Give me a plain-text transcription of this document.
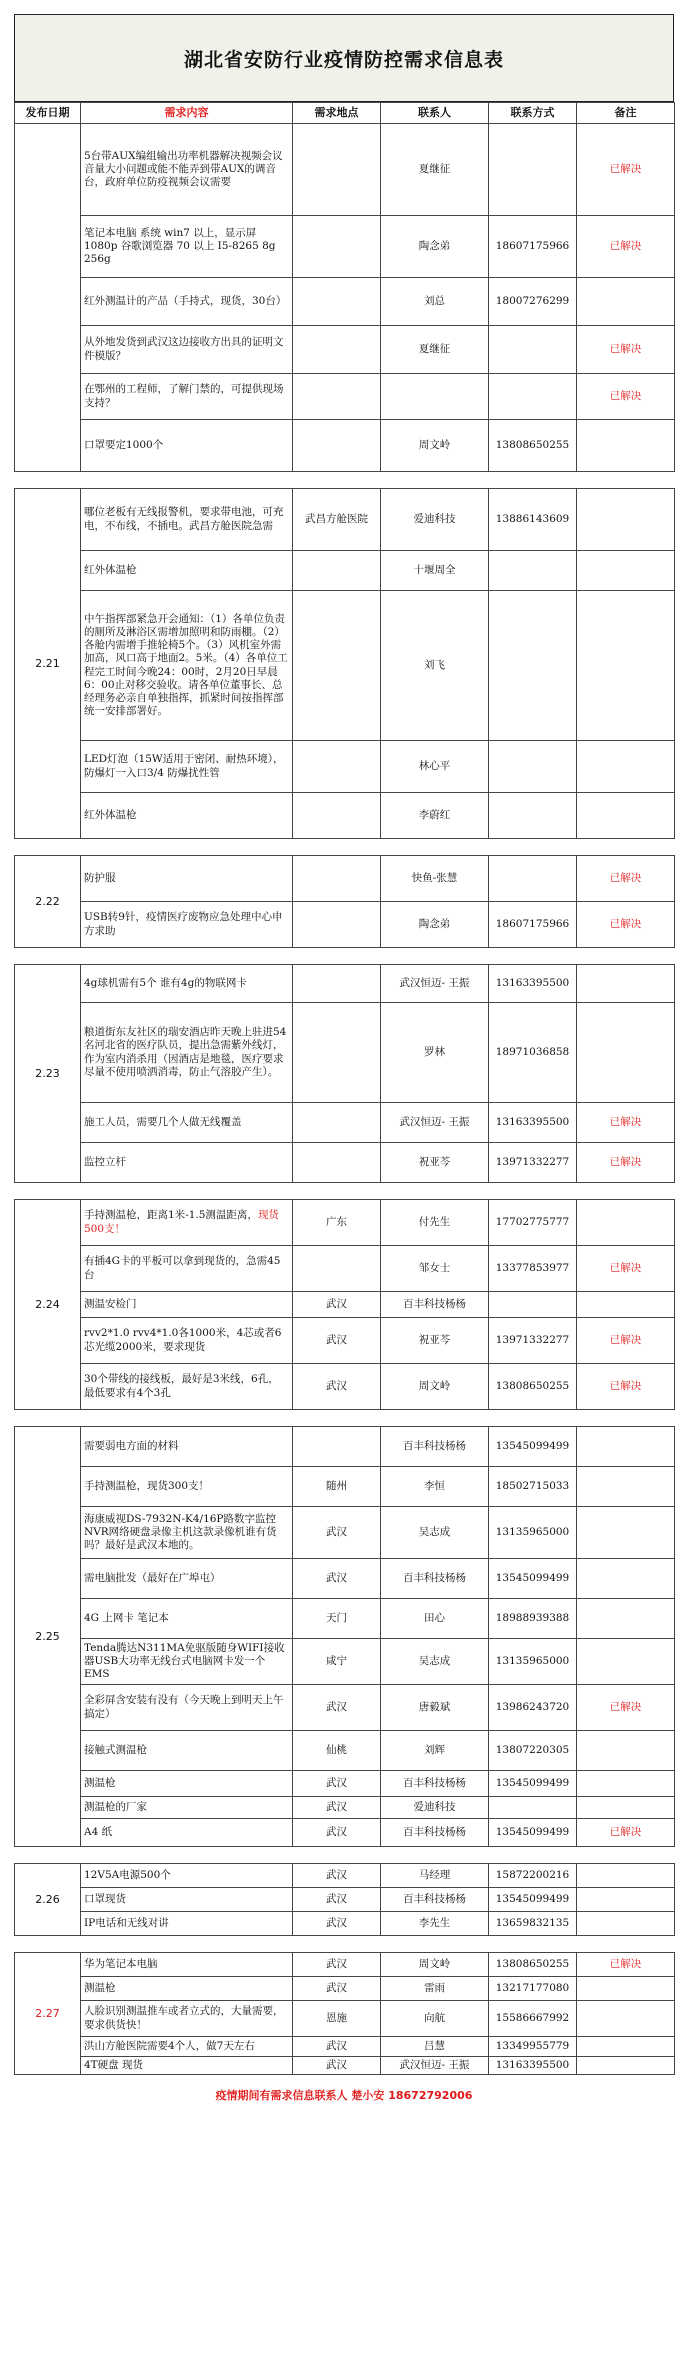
湖北省安防行业疫情防控需求信息表
发布日期	需求内容	需求地点	联系人	联系方式	备注
	5台带AUX编组输出功率机器解决视频会议音量大小问题或能不能弄到带AUX的调音台，政府单位防疫视频会议需要		夏继征		已解决
	笔记本电脑 系统 win7 以上，显示屏 1080p 谷歌浏览器 70 以上 I5-8265 8g 256g		陶念弟	18607175966	已解决
	红外测温计的产品（手持式，现货，30台）		刘总	18007276299	
	从外地发货到武汉这边接收方出具的证明文件模版？		夏继征		已解决
	在鄂州的工程师，了解门禁的，可提供现场支持？				已解决
	口罩要定1000个		周文岭	13808650255	

2.21	哪位老板有无线报警机，要求带电池，可充电，不布线，不插电。武昌方舱医院急需	武昌方舱医院	爱迪科技	13886143609	
	红外体温枪		十堰周全		
	中午指挥部紧急开会通知：（1）各单位负责的厕所及淋浴区需增加照明和防雨棚。（2）各舱内需增手推轮椅5个。（3）风机室外需加高，风口高于地面2。5米。（4）各单位工程完工时间今晚24：00时，2月20日早晨6：00止对移交验收。请各单位董事长、总经理务必亲自单独指挥，抓紧时间按指挥部统一安排部署好。		刘飞		
	LED灯泡（15W适用于密闭、耐热环境），防爆灯一入口3/4 防爆扰性管		林心平		
	红外体温枪		李蔚红		

2.22	防护服		快鱼-张慧		已解决
	USB转9针，疫情医疗废物应急处理中心申方求助		陶念弟	18607175966	已解决

2.23	4g球机需有5个 谁有4g的物联网卡		武汉恒迈- 王振	13163395500	
	粮道街东友社区的瑞安酒店昨天晚上驻进54名河北省的医疗队员，提出急需紫外线灯，作为室内消杀用（因酒店是地毯，医疗要求尽量不使用喷洒消毒，防止气溶胶产生）。		罗林	18971036858	
	施工人员，需要几个人做无线覆盖		武汉恒迈- 王振	13163395500	已解决
	监控立杆		祝亚芩	13971332277	已解决

2.24	手持测温枪，距离1米-1.5测温距离，现货500支！	广东	付先生	17702775777	
	有插4G卡的平板可以拿到现货的，急需45台		邹女士	13377853977	已解决
	测温安检门	武汉	百丰科技杨杨		
	rvv2*1.0 rvv4*1.0各1000米，4芯或者6芯光缆2000米，要求现货	武汉	祝亚芩	13971332277	已解决
	30个带线的接线板，最好是3米线，6孔，最低要求有4个3孔	武汉	周文岭	13808650255	已解决

2.25	需要弱电方面的材料		百丰科技杨杨	13545099499	
	手持测温枪，现货300支！	随州	李恒	18502715033	
	海康威视DS-7932N-K4/16P路数字监控NVR网络硬盘录像主机这款录像机谁有货吗？最好是武汉本地的。	武汉	吴志成	13135965000	
	需电脑批发（最好在广埠屯）	武汉	百丰科技杨杨	13545099499	
	4G 上网卡 笔记本	天门	田心	18988939388	
	Tenda腾达N311MA免驱版随身WIFI接收器USB大功率无线台式电脑网卡发一个EMS	咸宁	吴志成	13135965000	
	全彩屏含安装有没有（今天晚上到明天上午搞定）	武汉	唐毅斌	13986243720	已解决
	接触式测温枪	仙桃	刘辉	13807220305	
	测温枪	武汉	百丰科技杨杨	13545099499	
	测温枪的厂家	武汉	爱迪科技		
	A4 纸	武汉	百丰科技杨杨	13545099499	已解决

2.26	12V5A电源500个	武汉	马经理	15872200216	
	口罩现货	武汉	百丰科技杨杨	13545099499	
	IP电话和无线对讲	武汉	李先生	13659832135	

2.27	华为笔记本电脑	武汉	周文岭	13808650255	已解决
	测温枪	武汉	雷雨	13217177080	
	人脸识别测温推车或者立式的，大量需要，要求供货快！	恩施	向航	15586667992	
	洪山方舱医院需要4个人，做7天左右	武汉	吕慧	13349955779	
	4T硬盘 现货	武汉	武汉恒迈- 王振	13163395500	
疫情期间有需求信息联系人 楚小安 18672792006
